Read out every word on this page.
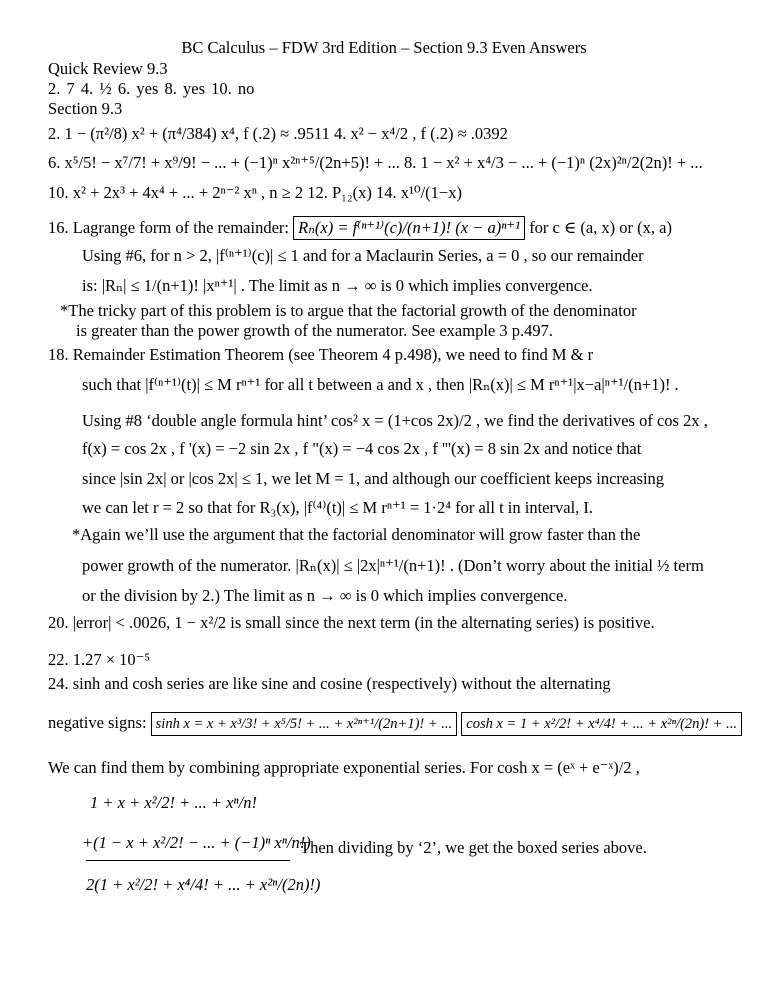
BC Calculus – FDW 3rd Edition – Section 9.3 Even Answers
Quick Review 9.3
2. 7 4. ½ 6. yes 8. yes 10. no
Section 9.3
2. 1 − (π²/8) x² + (π⁴/384) x⁴, f (.2) ≈ .9511 4. x² − x⁴/2 , f (.2) ≈ .0392
6. x⁵/5! − x⁷/7! + x⁹/9! − ... + (−1)ⁿ x²ⁿ⁺⁵/(2n+5)! + ... 8. 1 − x² + x⁴/3 − ... + (−1)ⁿ (2x)²ⁿ/2(2n)! + ...
10. x² + 2x³ + 4x⁴ + ... + 2ⁿ⁻² xⁿ , n ≥ 2 12. P₁₂(x) 14. x¹⁰/(1−x)
16. Lagrange form of the remainder: Rₙ(x) = f⁽ⁿ⁺¹⁾(c)/(n+1)! (x − a)ⁿ⁺¹ for c ∈ (a, x) or (x, a)
Using #6, for n > 2, |f⁽ⁿ⁺¹⁾(c)| ≤ 1 and for a Maclaurin Series, a = 0 , so our remainder
is: |Rₙ| ≤ 1/(n+1)! |xⁿ⁺¹| . The limit as n → ∞ is 0 which implies convergence.
*The tricky part of this problem is to argue that the factorial growth of the denominator
is greater than the power growth of the numerator. See example 3 p.497.
18. Remainder Estimation Theorem (see Theorem 4 p.498), we need to find M & r
such that |f⁽ⁿ⁺¹⁾(t)| ≤ M rⁿ⁺¹ for all t between a and x , then |Rₙ(x)| ≤ M rⁿ⁺¹|x−a|ⁿ⁺¹/(n+1)! .
Using #8 ‘double angle formula hint’ cos² x = (1+cos 2x)/2 , we find the derivatives of cos 2x ,
f(x) = cos 2x , f '(x) = −2 sin 2x , f "(x) = −4 cos 2x , f '''(x) = 8 sin 2x and notice that
since |sin 2x| or |cos 2x| ≤ 1, we let M = 1, and although our coefficient keeps increasing
we can let r = 2 so that for R₃(x), |f⁽⁴⁾(t)| ≤ M rⁿ⁺¹ = 1·2⁴ for all t in interval, I.
*Again we’ll use the argument that the factorial denominator will grow faster than the
power growth of the numerator. |Rₙ(x)| ≤ |2x|ⁿ⁺¹/(n+1)! . (Don’t worry about the initial ½ term
or the division by 2.) The limit as n → ∞ is 0 which implies convergence.
20. |error| < .0026, 1 − x²/2 is small since the next term (in the alternating series) is positive.
22. 1.27 × 10⁻⁵
24. sinh and cosh series are like sine and cosine (respectively) without the alternating
negative signs: sinh x = x + x³/3! + x⁵/5! + ... + x²ⁿ⁺¹/(2n+1)! + ... cosh x = 1 + x²/2! + x⁴/4! + ... + x²ⁿ/(2n)! + ...
We can find them by combining appropriate exponential series. For cosh x = (eˣ + e⁻ˣ)/2 ,
1 + x + x²/2! + ... + xⁿ/n!
+(1 − x + x²/2! − ... + (−1)ⁿ xⁿ/n!)
2(1 + x²/2! + x⁴/4! + ... + x²ⁿ/(2n)!)
Then dividing by ‘2’, we get the boxed series above.
